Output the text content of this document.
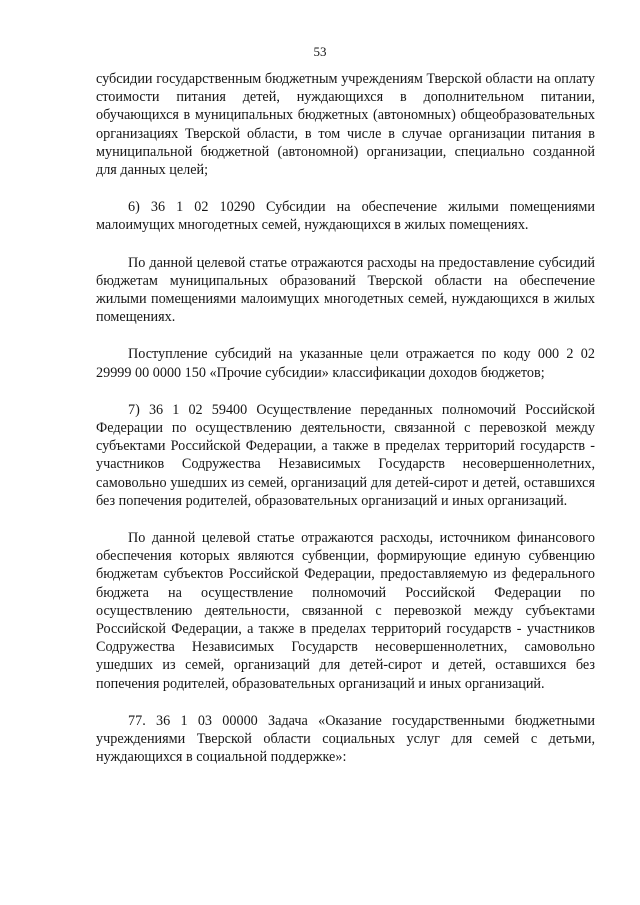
53

субсидии государственным бюджетным учреждениям Тверской области на оплату стоимости питания детей, нуждающихся в дополнительном питании, обучающихся в муниципальных бюджетных (автономных) общеобразовательных организациях Тверской области, в том числе в случае организации питания в муниципальной бюджетной (автономной) организации, специально созданной для данных целей;

6) 36 1 02 10290 Субсидии на обеспечение жилыми помещениями малоимущих многодетных семей, нуждающихся в жилых помещениях.

По данной целевой статье отражаются расходы на предоставление субсидий бюджетам муниципальных образований Тверской области на обеспечение жилыми помещениями малоимущих многодетных семей, нуждающихся в жилых помещениях.

Поступление субсидий на указанные цели отражается по коду 000 2 02 29999 00 0000 150 «Прочие субсидии» классификации доходов бюджетов;

7) 36 1 02 59400 Осуществление переданных полномочий Российской Федерации по осуществлению деятельности, связанной с перевозкой между субъектами Российской Федерации, а также в пределах территорий государств - участников Содружества Независимых Государств несовершеннолетних, самовольно ушедших из семей, организаций для детей-сирот и детей, оставшихся без попечения родителей, образовательных организаций и иных организаций.

По данной целевой статье отражаются расходы, источником финансового обеспечения которых являются субвенции, формирующие единую субвенцию бюджетам субъектов Российской Федерации, предоставляемую из федерального бюджета на осуществление полномочий Российской Федерации по осуществлению деятельности, связанной с перевозкой между субъектами Российской Федерации, а также в пределах территорий государств - участников Содружества Независимых Государств несовершеннолетних, самовольно ушедших из семей, организаций для детей-сирот и детей, оставшихся без попечения родителей, образовательных организаций и иных организаций.

77. 36 1 03 00000 Задача «Оказание государственными бюджетными учреждениями Тверской области социальных услуг для семей с детьми, нуждающихся в социальной поддержке»:
